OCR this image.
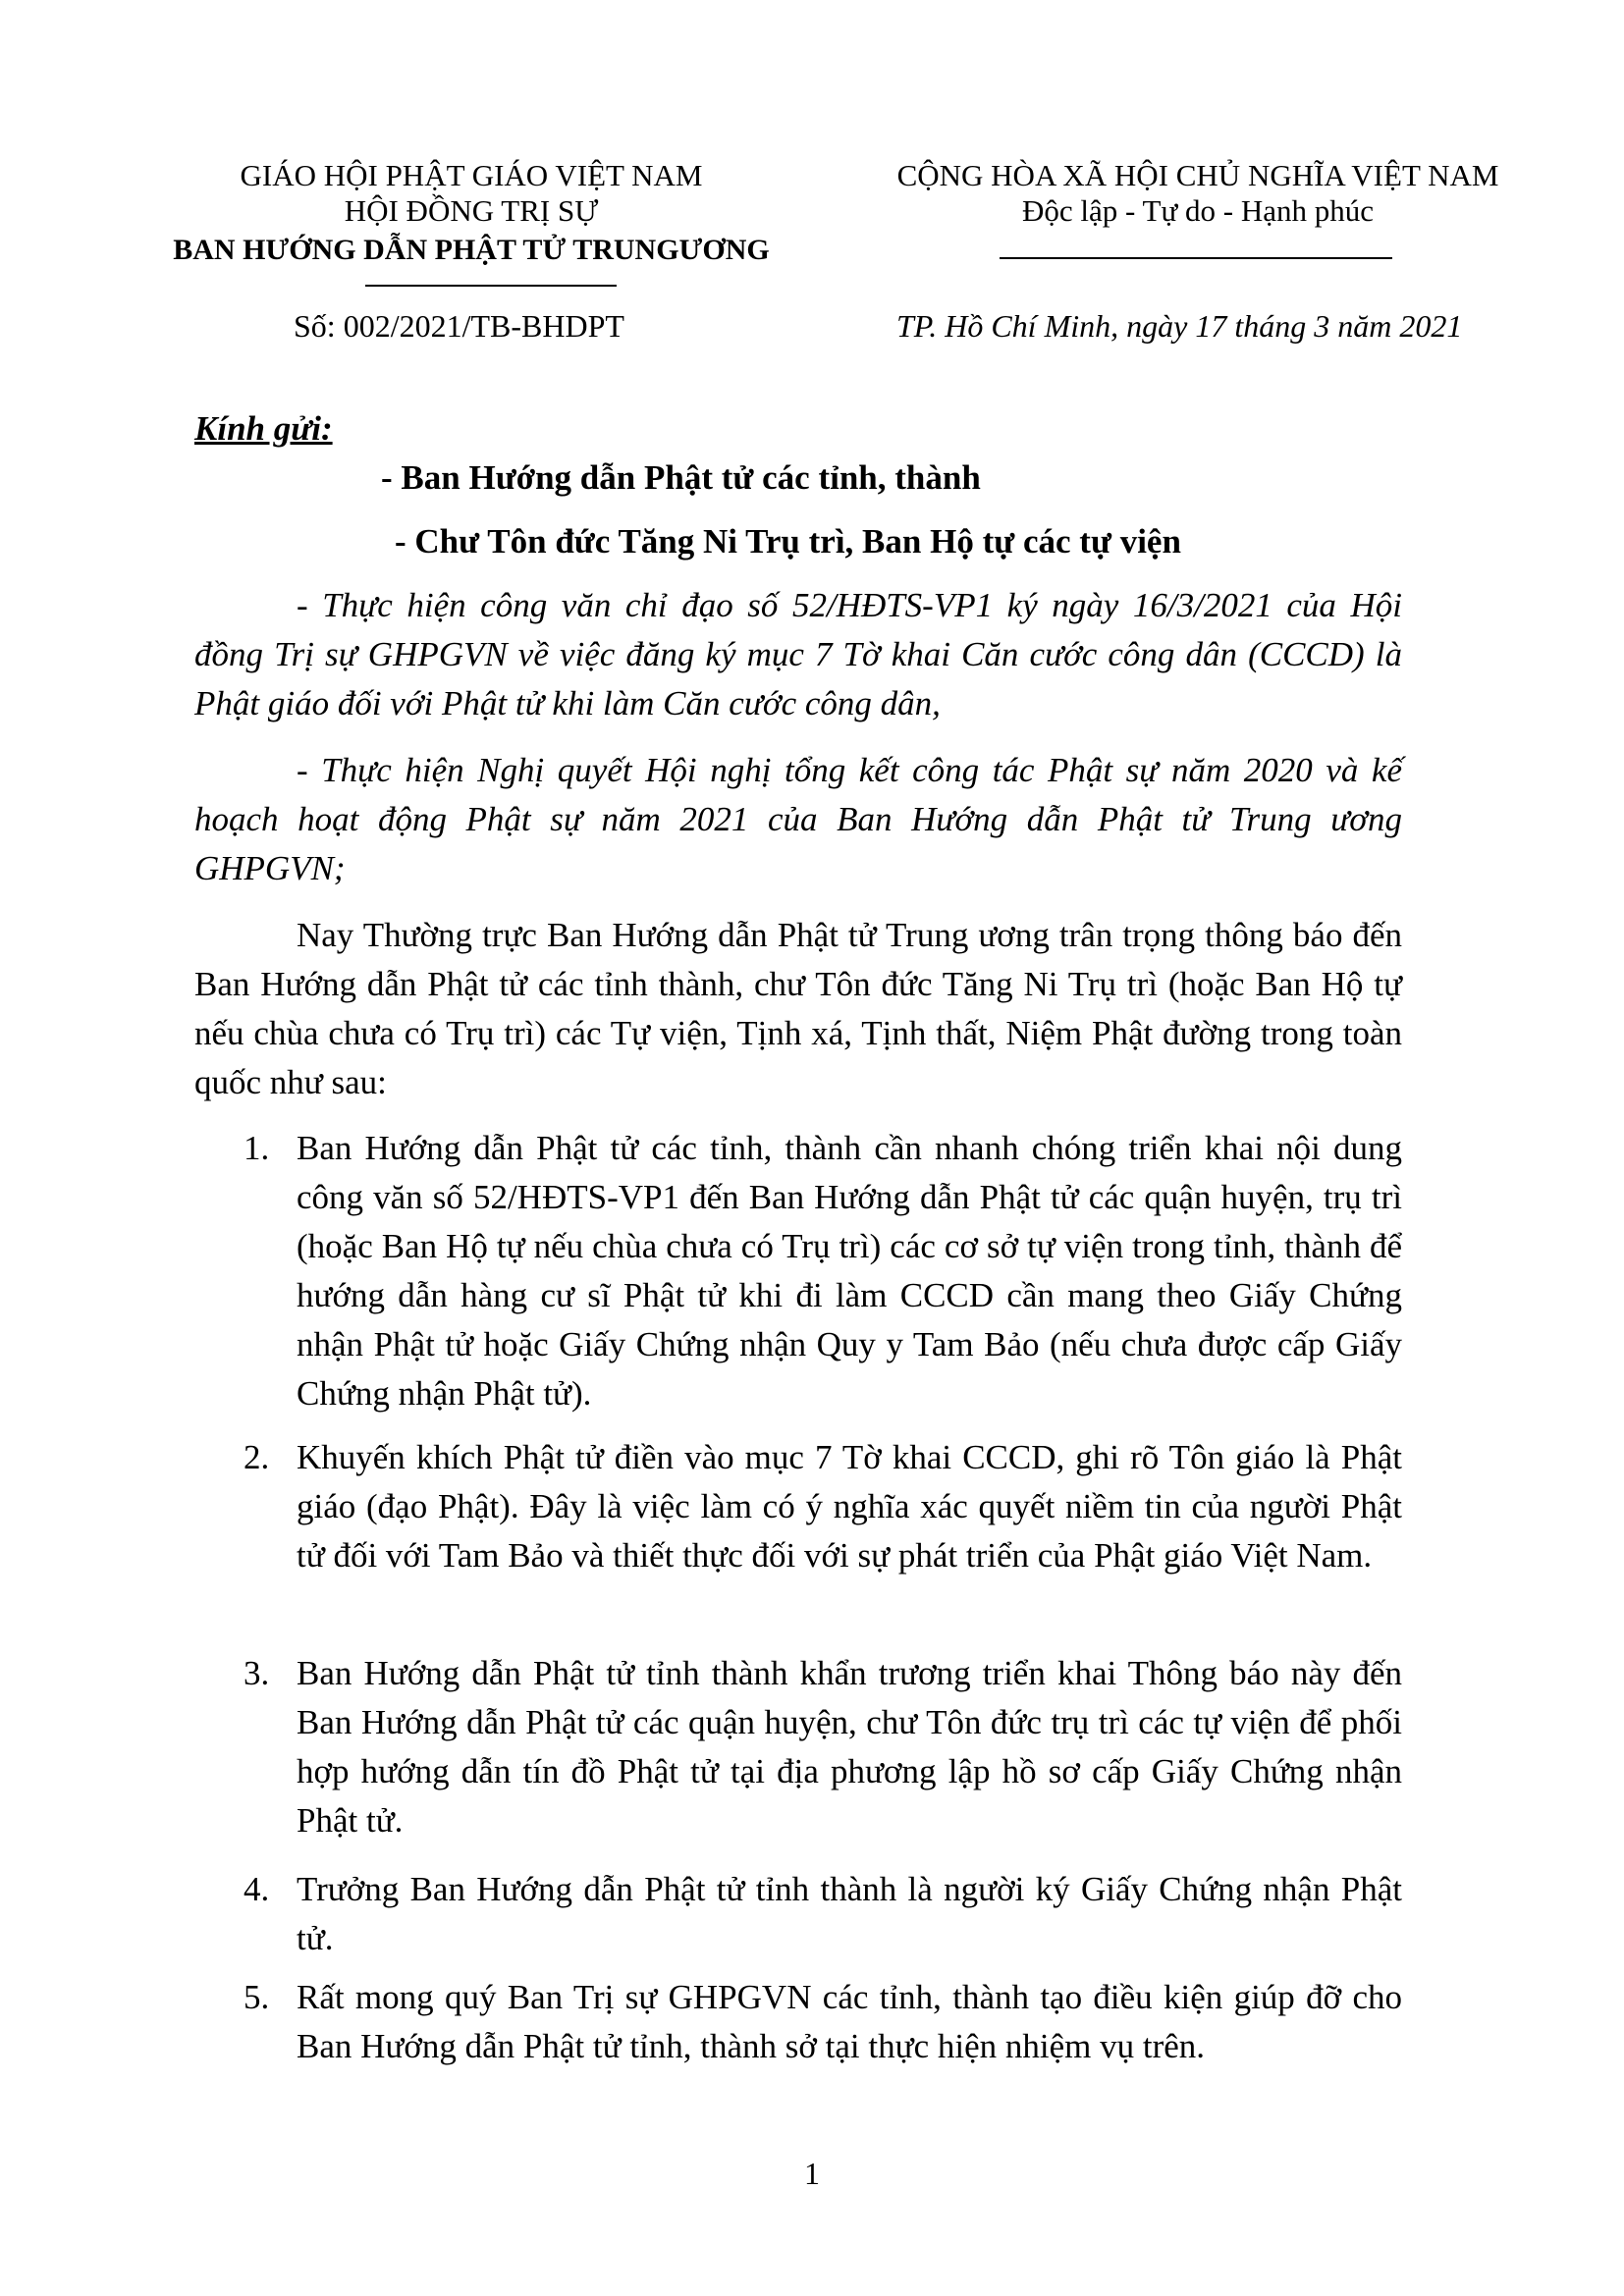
GIÁO HỘI PHẬT GIÁO VIỆT NAM
HỘI ĐỒNG TRỊ SỰ
BAN HƯỚNG DẪN PHẬT TỬ TRUNGƯƠNG
CỘNG HÒA XÃ HỘI CHỦ NGHĨA VIỆT NAM
Độc lập - Tự do - Hạnh phúc
Số: 002/2021/TB-BHDPT	TP. Hồ Chí Minh, ngày 17 tháng 3 năm 2021
Kính gửi:
- Ban Hướng dẫn Phật tử các tỉnh, thành
- Chư Tôn đức Tăng Ni Trụ trì, Ban Hộ tự các tự viện
- Thực hiện công văn chỉ đạo số 52/HĐTS-VP1 ký ngày 16/3/2021 của Hội đồng Trị sự GHPGVN về việc đăng ký mục 7 Tờ khai Căn cước công dân (CCCD) là Phật giáo đối với Phật tử khi làm Căn cước công dân,
- Thực hiện Nghị quyết Hội nghị tổng kết công tác Phật sự năm 2020 và kế hoạch hoạt động Phật sự năm 2021 của Ban Hướng dẫn Phật tử Trung ương GHPGVN;
Nay Thường trực Ban Hướng dẫn Phật tử Trung ương trân trọng thông báo đến Ban Hướng dẫn Phật tử các tỉnh thành, chư Tôn đức Tăng Ni Trụ trì (hoặc Ban Hộ tự nếu chùa chưa có Trụ trì) các Tự viện, Tịnh xá, Tịnh thất, Niệm Phật đường trong toàn quốc như sau:
1. Ban Hướng dẫn Phật tử các tỉnh, thành cần nhanh chóng triển khai nội dung công văn số 52/HĐTS-VP1 đến Ban Hướng dẫn Phật tử các quận huyện, trụ trì (hoặc Ban Hộ tự nếu chùa chưa có Trụ trì) các cơ sở tự viện trong tỉnh, thành để hướng dẫn hàng cư sĩ Phật tử khi đi làm CCCD cần mang theo Giấy Chứng nhận Phật tử hoặc Giấy Chứng nhận Quy y Tam Bảo (nếu chưa được cấp Giấy Chứng nhận Phật tử).
2. Khuyến khích Phật tử điền vào mục 7 Tờ khai CCCD, ghi rõ Tôn giáo là Phật giáo (đạo Phật). Đây là việc làm có ý nghĩa xác quyết niềm tin của người Phật tử đối với Tam Bảo và thiết thực đối với sự phát triển của Phật giáo Việt Nam.
3. Ban Hướng dẫn Phật tử tỉnh thành khẩn trương triển khai Thông báo này đến Ban Hướng dẫn Phật tử các quận huyện, chư Tôn đức trụ trì các tự viện để phối hợp hướng dẫn tín đồ Phật tử tại địa phương lập hồ sơ cấp Giấy Chứng nhận Phật tử.
4. Trưởng Ban Hướng dẫn Phật tử tỉnh thành là người ký Giấy Chứng nhận Phật tử.
5. Rất mong quý Ban Trị sự GHPGVN các tỉnh, thành tạo điều kiện giúp đỡ cho Ban Hướng dẫn Phật tử tỉnh, thành sở tại thực hiện nhiệm vụ trên.
1
